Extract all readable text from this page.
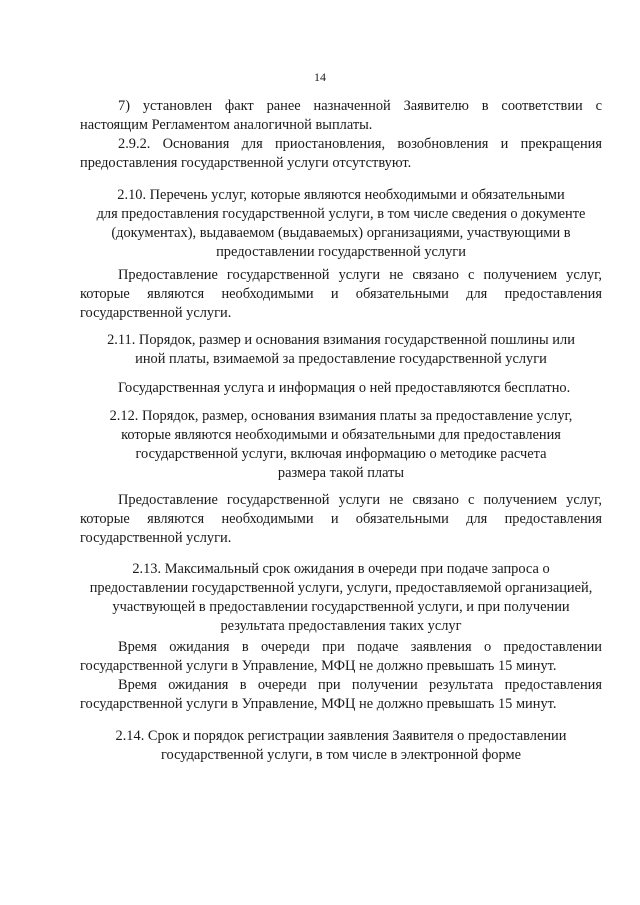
14
7) установлен факт ранее назначенной Заявителю в соответствии с
настоящим Регламентом аналогичной выплаты.
2.9.2. Основания для приостановления, возобновления и прекращения
предоставления государственной услуги отсутствуют.
2.10. Перечень услуг, которые являются необходимыми и обязательными
для предоставления государственной услуги, в том числе сведения о документе
(документах), выдаваемом (выдаваемых) организациями, участвующими в
предоставлении государственной услуги
Предоставление государственной услуги не связано с получением услуг,
которые являются необходимыми и обязательными для предоставления
государственной услуги.
2.11. Порядок, размер и основания взимания государственной пошлины или
иной платы, взимаемой за предоставление государственной услуги
Государственная услуга и информация о ней предоставляются бесплатно.
2.12. Порядок, размер, основания взимания платы за предоставление услуг,
которые являются необходимыми и обязательными для предоставления
государственной услуги, включая информацию о методике расчета
размера такой платы
Предоставление государственной услуги не связано с получением услуг,
которые являются необходимыми и обязательными для предоставления
государственной услуги.
2.13. Максимальный срок ожидания в очереди при подаче запроса о
предоставлении государственной услуги, услуги, предоставляемой организацией,
участвующей в предоставлении государственной услуги, и при получении
результата предоставления таких услуг
Время ожидания в очереди при подаче заявления о предоставлении
государственной услуги в Управление, МФЦ не должно превышать 15 минут.
Время ожидания в очереди при получении результата предоставления
государственной услуги в Управление, МФЦ не должно превышать 15 минут.
2.14. Срок и порядок регистрации заявления Заявителя о предоставлении
государственной услуги, в том числе в электронной форме
